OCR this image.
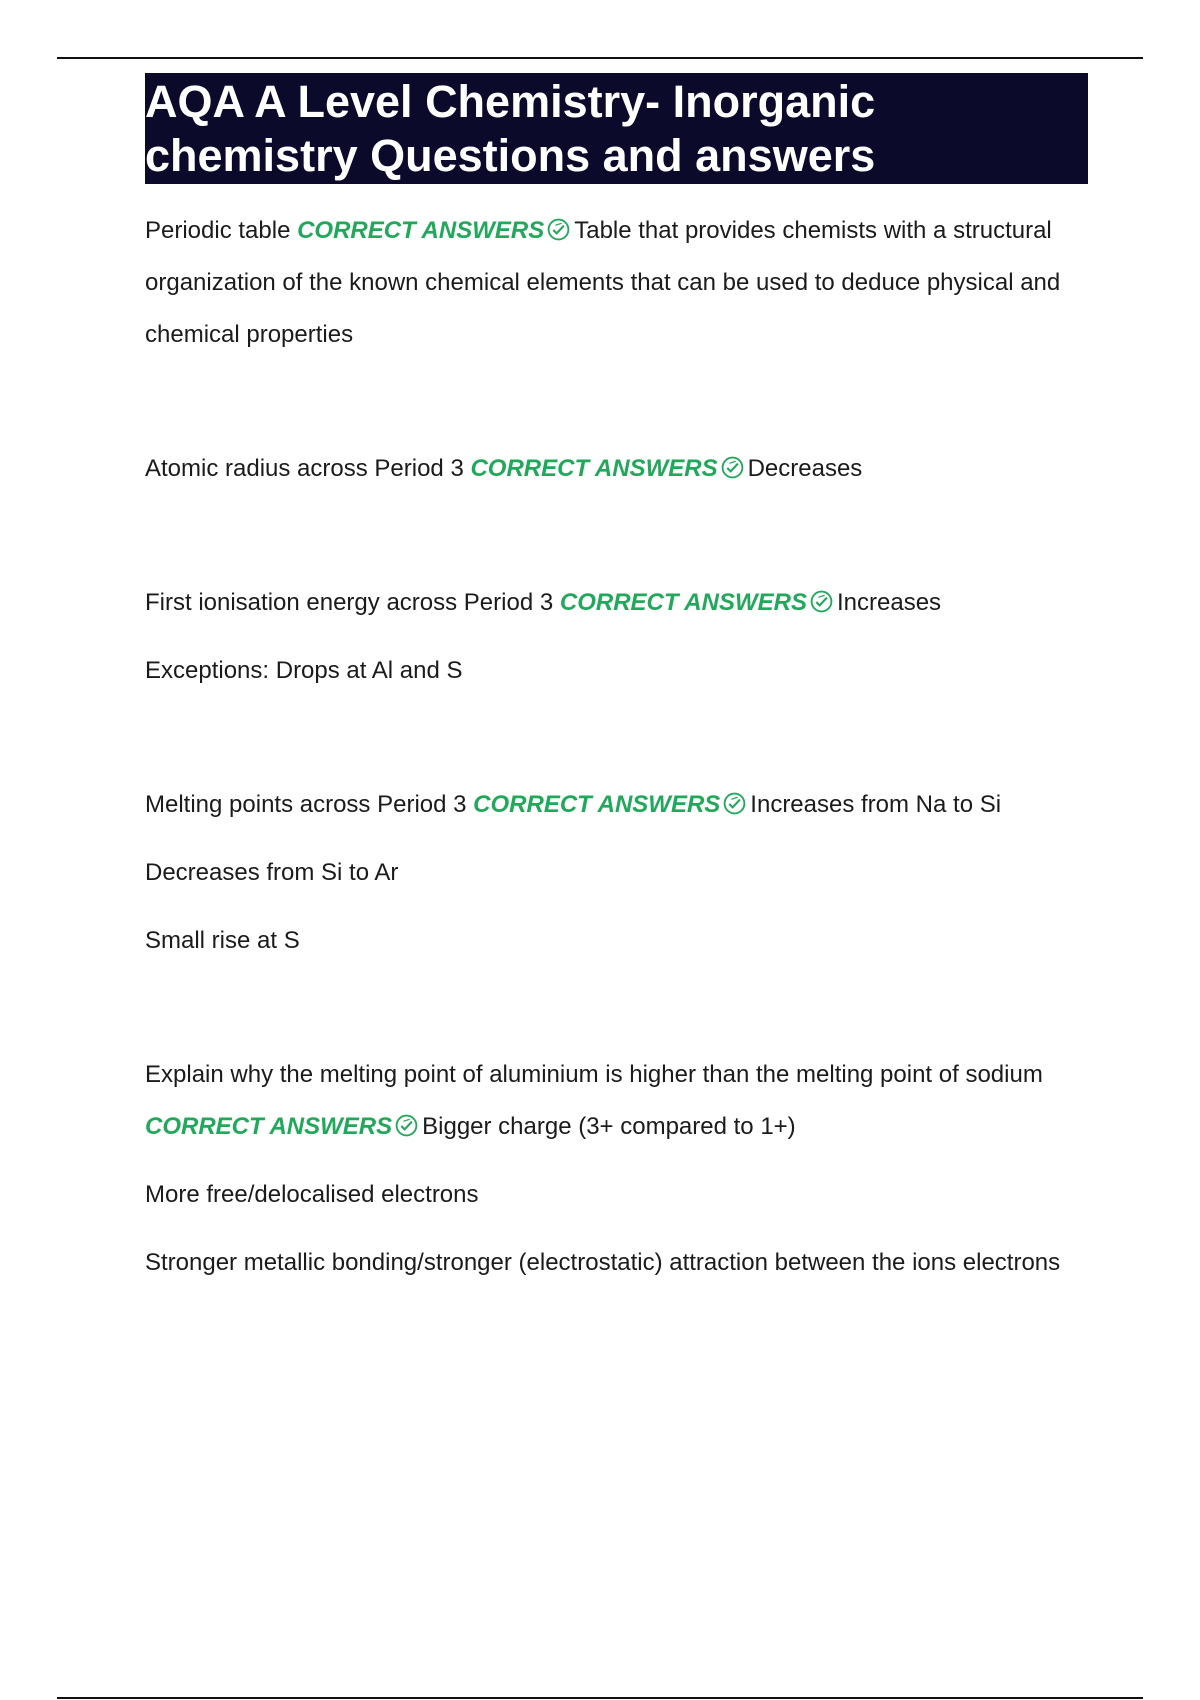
AQA A Level Chemistry- Inorganic
chemistry Questions and answers

Periodic table CORRECT ANSWERS Table that provides chemists with a structural organization of the known chemical elements that can be used to deduce physical and chemical properties

Atomic radius across Period 3 CORRECT ANSWERS Decreases

First ionisation energy across Period 3 CORRECT ANSWERS Increases

Exceptions: Drops at Al and S

Melting points across Period 3 CORRECT ANSWERS Increases from Na to Si

Decreases from Si to Ar

Small rise at S

Explain why the melting point of aluminium is higher than the melting point of sodium CORRECT ANSWERS Bigger charge (3+ compared to 1+)

More free/delocalised electrons

Stronger metallic bonding/stronger (electrostatic) attraction between the ions electrons
